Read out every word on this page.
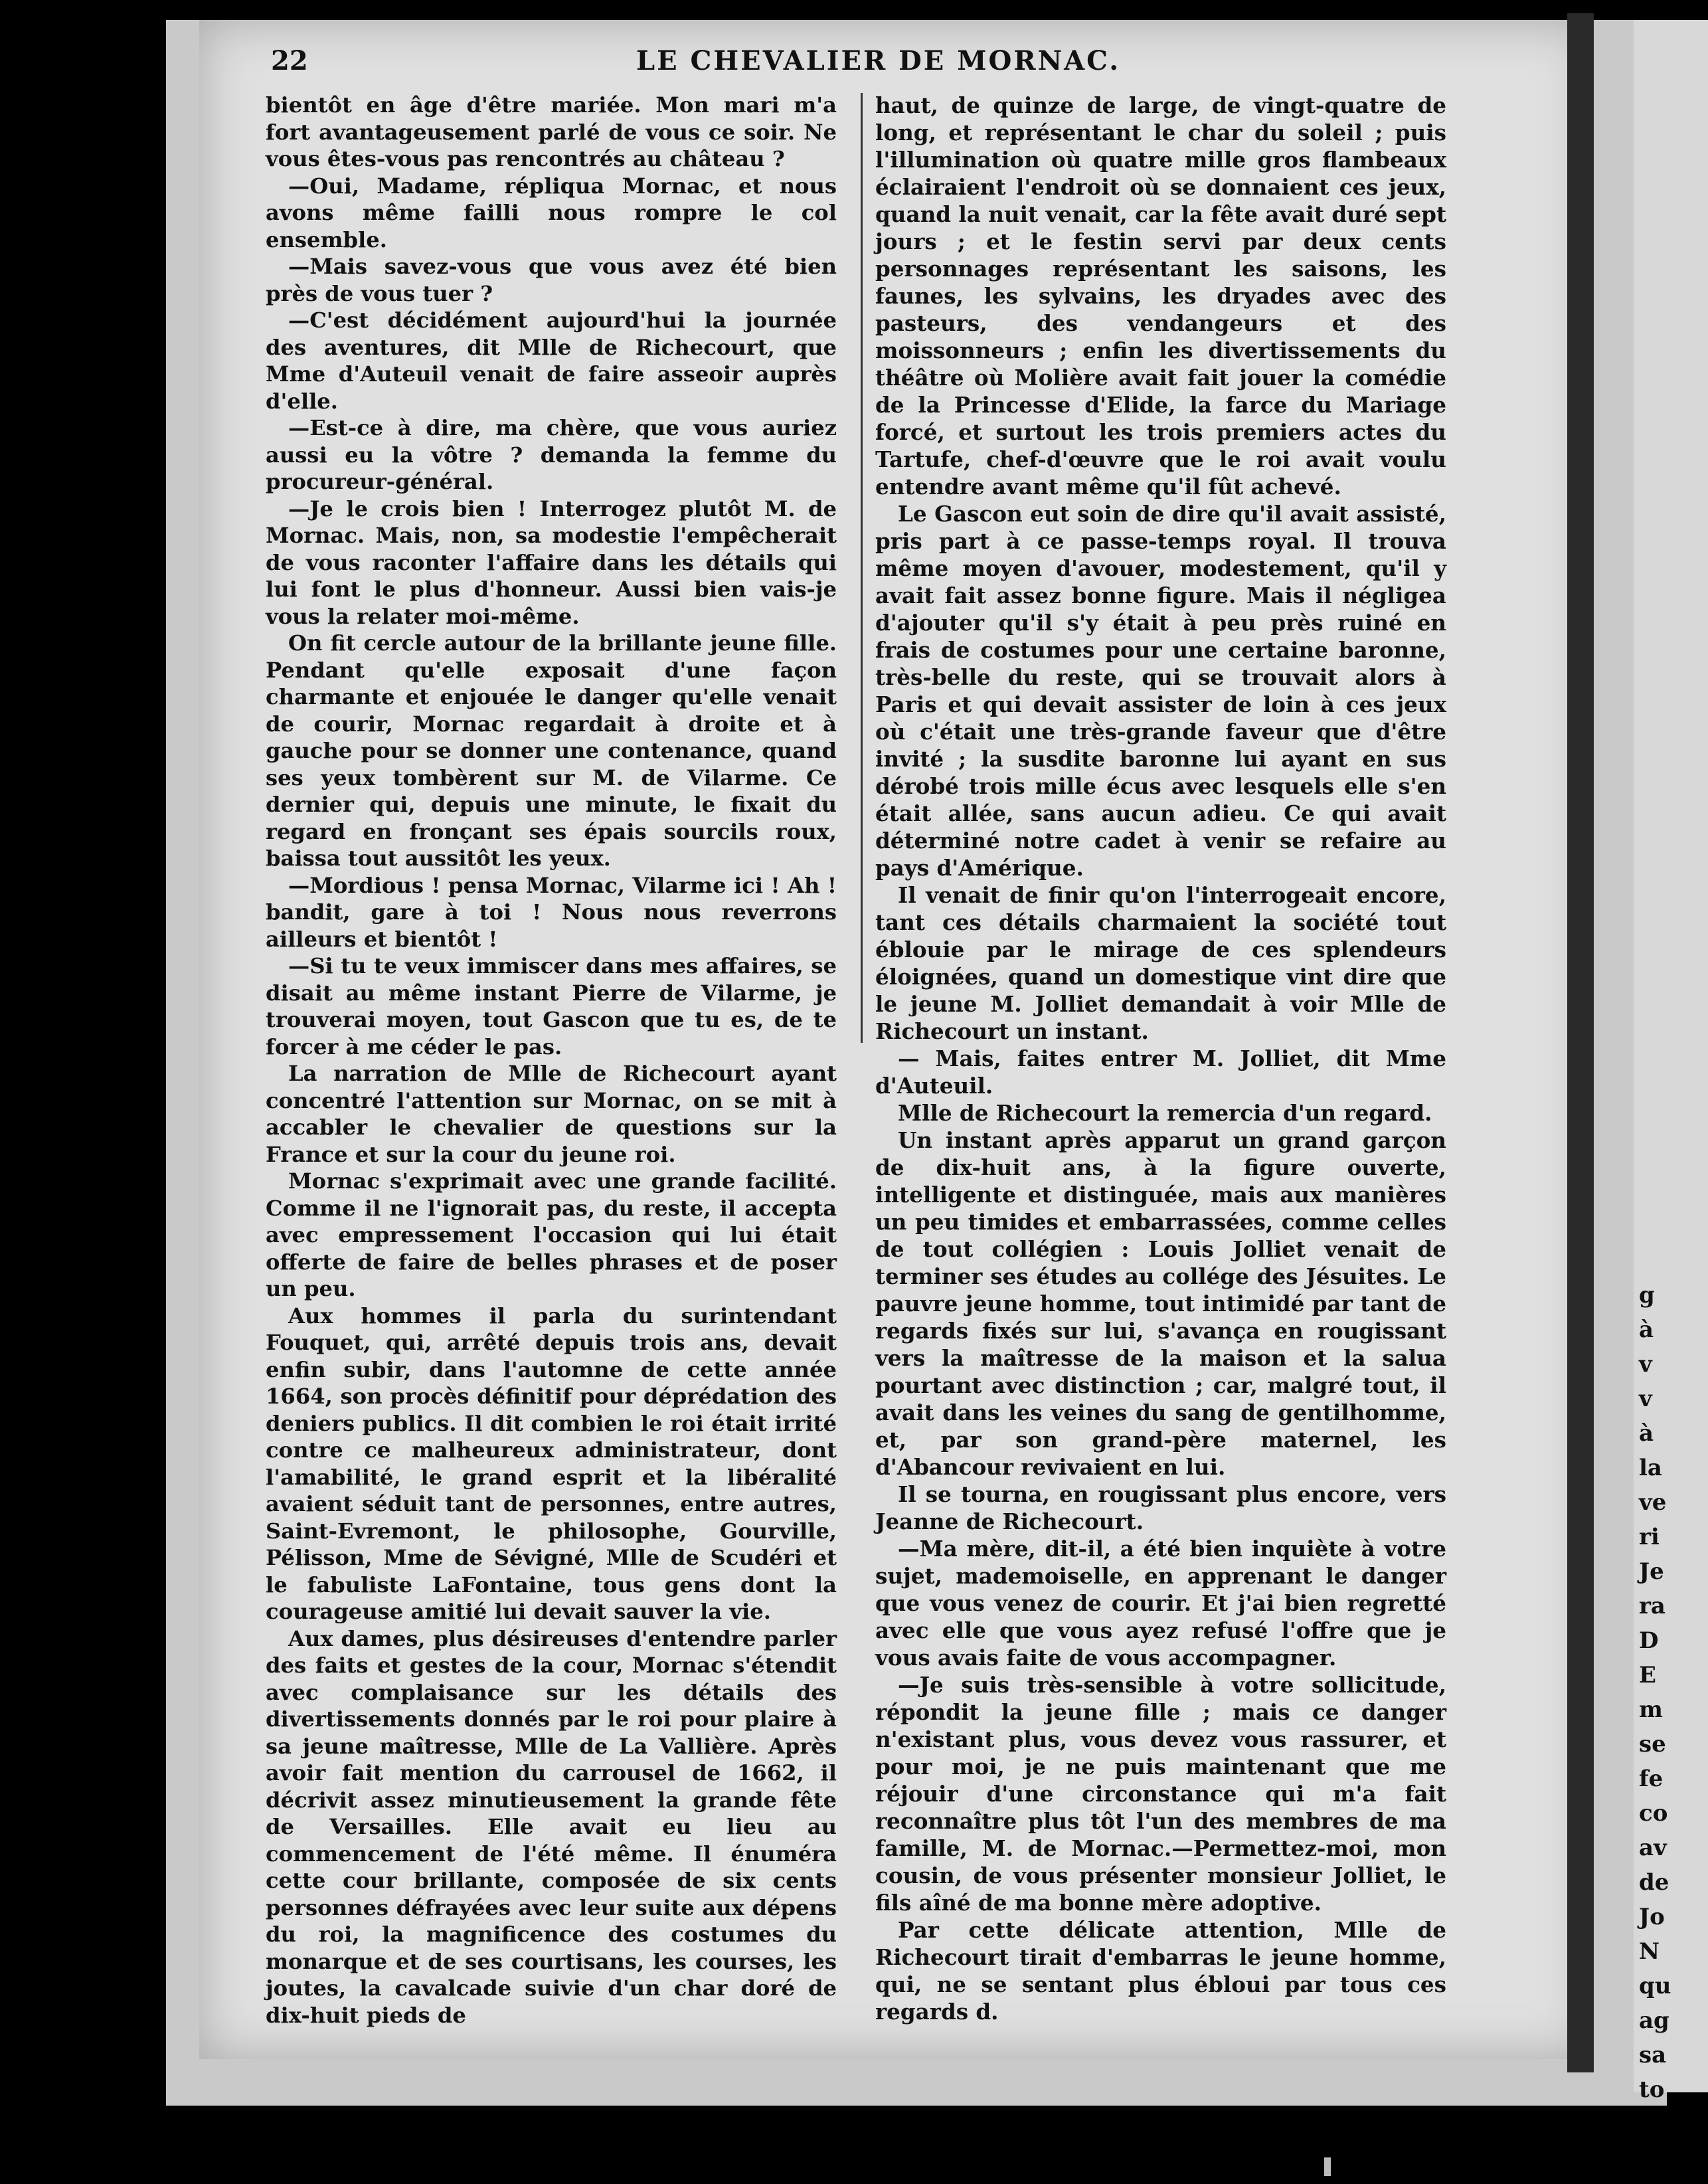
22	LE CHEVALIER DE MORNAC.

bientôt en âge d'être mariée. Mon mari m'a fort avantageusement parlé de vous ce soir. Ne vous êtes-vous pas rencontrés au château ?

—Oui, Madame, répliqua Mornac, et nous avons même failli nous rompre le col ensemble.

—Mais savez-vous que vous avez été bien près de vous tuer ?

—C'est décidément aujourd'hui la journée des aventures, dit Mlle de Richecourt, que Mme d'Auteuil venait de faire asseoir auprès d'elle.

—Est-ce à dire, ma chère, que vous auriez aussi eu la vôtre ? demanda la femme du procureur-général.

—Je le crois bien ! Interrogez plutôt M. de Mornac. Mais, non, sa modestie l'empêcherait de vous raconter l'affaire dans les détails qui lui font le plus d'honneur. Aussi bien vais-je vous la relater moi-même.

On fit cercle autour de la brillante jeune fille. Pendant qu'elle exposait d'une façon charmante et enjouée le danger qu'elle venait de courir, Mornac regardait à droite et à gauche pour se donner une contenance, quand ses yeux tombèrent sur M. de Vilarme. Ce dernier qui, depuis une minute, le fixait du regard en fronçant ses épais sourcils roux, baissa tout aussitôt les yeux.

—Mordious ! pensa Mornac, Vilarme ici ! Ah ! bandit, gare à toi ! Nous nous reverrons ailleurs et bientôt !

—Si tu te veux immiscer dans mes affaires, se disait au même instant Pierre de Vilarme, je trouverai moyen, tout Gascon que tu es, de te forcer à me céder le pas.

La narration de Mlle de Richecourt ayant concentré l'attention sur Mornac, on se mit à accabler le chevalier de questions sur la France et sur la cour du jeune roi.

Mornac s'exprimait avec une grande facilité. Comme il ne l'ignorait pas, du reste, il accepta avec empressement l'occasion qui lui était offerte de faire de belles phrases et de poser un peu.

Aux hommes il parla du surintendant Fouquet, qui, arrêté depuis trois ans, devait enfin subir, dans l'automne de cette année 1664, son procès définitif pour déprédation des deniers publics. Il dit combien le roi était irrité contre ce malheureux administrateur, dont l'amabilité, le grand esprit et la libéralité avaient séduit tant de personnes, entre autres, Saint-Evremont, le philosophe, Gourville, Pélisson, Mme de Sévigné, Mlle de Scudéri et le fabuliste LaFontaine, tous gens dont la courageuse amitié lui devait sauver la vie.

Aux dames, plus désireuses d'entendre parler des faits et gestes de la cour, Mornac s'étendit avec complaisance sur les détails des divertissements donnés par le roi pour plaire à sa jeune maîtresse, Mlle de La Vallière. Après avoir fait mention du carrousel de 1662, il décrivit assez minutieusement la grande fête de Versailles. Elle avait eu lieu au commencement de l'été même. Il énuméra cette cour brillante, composée de six cents personnes défrayées avec leur suite aux dépens du roi, la magnificence des costumes du monarque et de ses courtisans, les courses, les joutes, la cavalcade suivie d'un char doré de dix-huit pieds de

haut, de quinze de large, de vingt-quatre de long, et représentant le char du soleil ; puis l'illumination où quatre mille gros flambeaux éclairaient l'endroit où se donnaient ces jeux, quand la nuit venait, car la fête avait duré sept jours ; et le festin servi par deux cents personnages représentant les saisons, les faunes, les sylvains, les dryades avec des pasteurs, des vendangeurs et des moissonneurs ; enfin les divertissements du théâtre où Molière avait fait jouer la comédie de la Princesse d'Elide, la farce du Mariage forcé, et surtout les trois premiers actes du Tartufe, chef-d'œuvre que le roi avait voulu entendre avant même qu'il fût achevé.

Le Gascon eut soin de dire qu'il avait assisté, pris part à ce passe-temps royal. Il trouva même moyen d'avouer, modestement, qu'il y avait fait assez bonne figure. Mais il négligea d'ajouter qu'il s'y était à peu près ruiné en frais de costumes pour une certaine baronne, très-belle du reste, qui se trouvait alors à Paris et qui devait assister de loin à ces jeux où c'était une très-grande faveur que d'être invité ; la susdite baronne lui ayant en sus dérobé trois mille écus avec lesquels elle s'en était allée, sans aucun adieu. Ce qui avait déterminé notre cadet à venir se refaire au pays d'Amérique.

Il venait de finir qu'on l'interrogeait encore, tant ces détails charmaient la société tout éblouie par le mirage de ces splendeurs éloignées, quand un domestique vint dire que le jeune M. Jolliet demandait à voir Mlle de Richecourt un instant.

— Mais, faites entrer M. Jolliet, dit Mme d'Auteuil.

Mlle de Richecourt la remercia d'un regard.

Un instant après apparut un grand garçon de dix-huit ans, à la figure ouverte, intelligente et distinguée, mais aux manières un peu timides et embarrassées, comme celles de tout collégien : Louis Jolliet venait de terminer ses études au collége des Jésuites. Le pauvre jeune homme, tout intimidé par tant de regards fixés sur lui, s'avança en rougissant vers la maîtresse de la maison et la salua pourtant avec distinction ; car, malgré tout, il avait dans les veines du sang de gentilhomme, et, par son grand-père maternel, les d'Abancour revivaient en lui.

Il se tourna, en rougissant plus encore, vers Jeanne de Richecourt.

—Ma mère, dit-il, a été bien inquiète à votre sujet, mademoiselle, en apprenant le danger que vous venez de courir. Et j'ai bien regretté avec elle que vous ayez refusé l'offre que je vous avais faite de vous accompagner.

—Je suis très-sensible à votre sollicitude, répondit la jeune fille ; mais ce danger n'existant plus, vous devez vous rassurer, et pour moi, je ne puis maintenant que me réjouir d'une circonstance qui m'a fait reconnaître plus tôt l'un des membres de ma famille, M. de Mornac.—Permettez-moi, mon cousin, de vous présenter monsieur Jolliet, le fils aîné de ma bonne mère adoptive.

Par cette délicate attention, Mlle de Richecourt tirait d'embarras le jeune homme, qui, ne se sentant plus ébloui par tous ces regards d.

g
à
v
v
à
la
ve
ri
Je
ra
D
E
m
se
fe
co
av
de
Jo
N
qu
ag
sa
to
